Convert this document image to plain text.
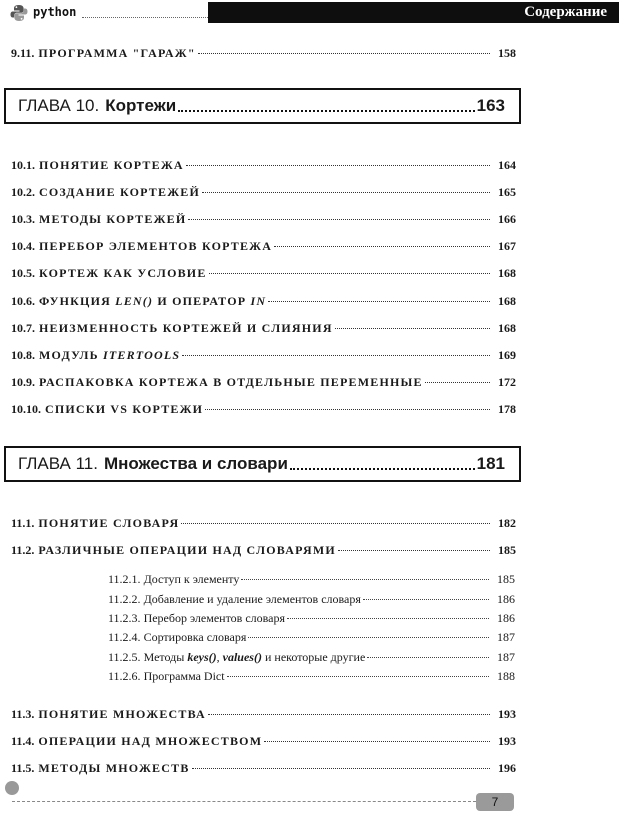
python	Содержание
9.11. ПРОГРАММА "ГАРАЖ"	158
ГЛАВА 10. Кортежи	163
10.1. ПОНЯТИЕ КОРТЕЖА	164
10.2. СОЗДАНИЕ КОРТЕЖЕЙ	165
10.3. МЕТОДЫ КОРТЕЖЕЙ	166
10.4. ПЕРЕБОР ЭЛЕМЕНТОВ КОРТЕЖА	167
10.5. КОРТЕЖ КАК УСЛОВИЕ	168
10.6. ФУНКЦИЯ LEN() И ОПЕРАТОР IN	168
10.7. НЕИЗМЕННОСТЬ КОРТЕЖЕЙ И СЛИЯНИЯ	168
10.8. МОДУЛЬ ITERTOOLS	169
10.9. РАСПАКОВКА КОРТЕЖА В ОТДЕЛЬНЫЕ ПЕРЕМЕННЫЕ	172
10.10. СПИСКИ VS КОРТЕЖИ	178
ГЛАВА 11. Множества и словари	181
11.1. ПОНЯТИЕ СЛОВАРЯ	182
11.2. РАЗЛИЧНЫЕ ОПЕРАЦИИ НАД СЛОВАРЯМИ	185
11.2.1. Доступ к элементу	185
11.2.2. Добавление и удаление элементов словаря	186
11.2.3. Перебор элементов словаря	186
11.2.4. Сортировка словаря	187
11.2.5. Методы keys(), values() и некоторые другие	187
11.2.6. Программа Dict	188
11.3. ПОНЯТИЕ МНОЖЕСТВА	193
11.4. ОПЕРАЦИИ НАД МНОЖЕСТВОМ	193
11.5. МЕТОДЫ МНОЖЕСТВ	196
7
